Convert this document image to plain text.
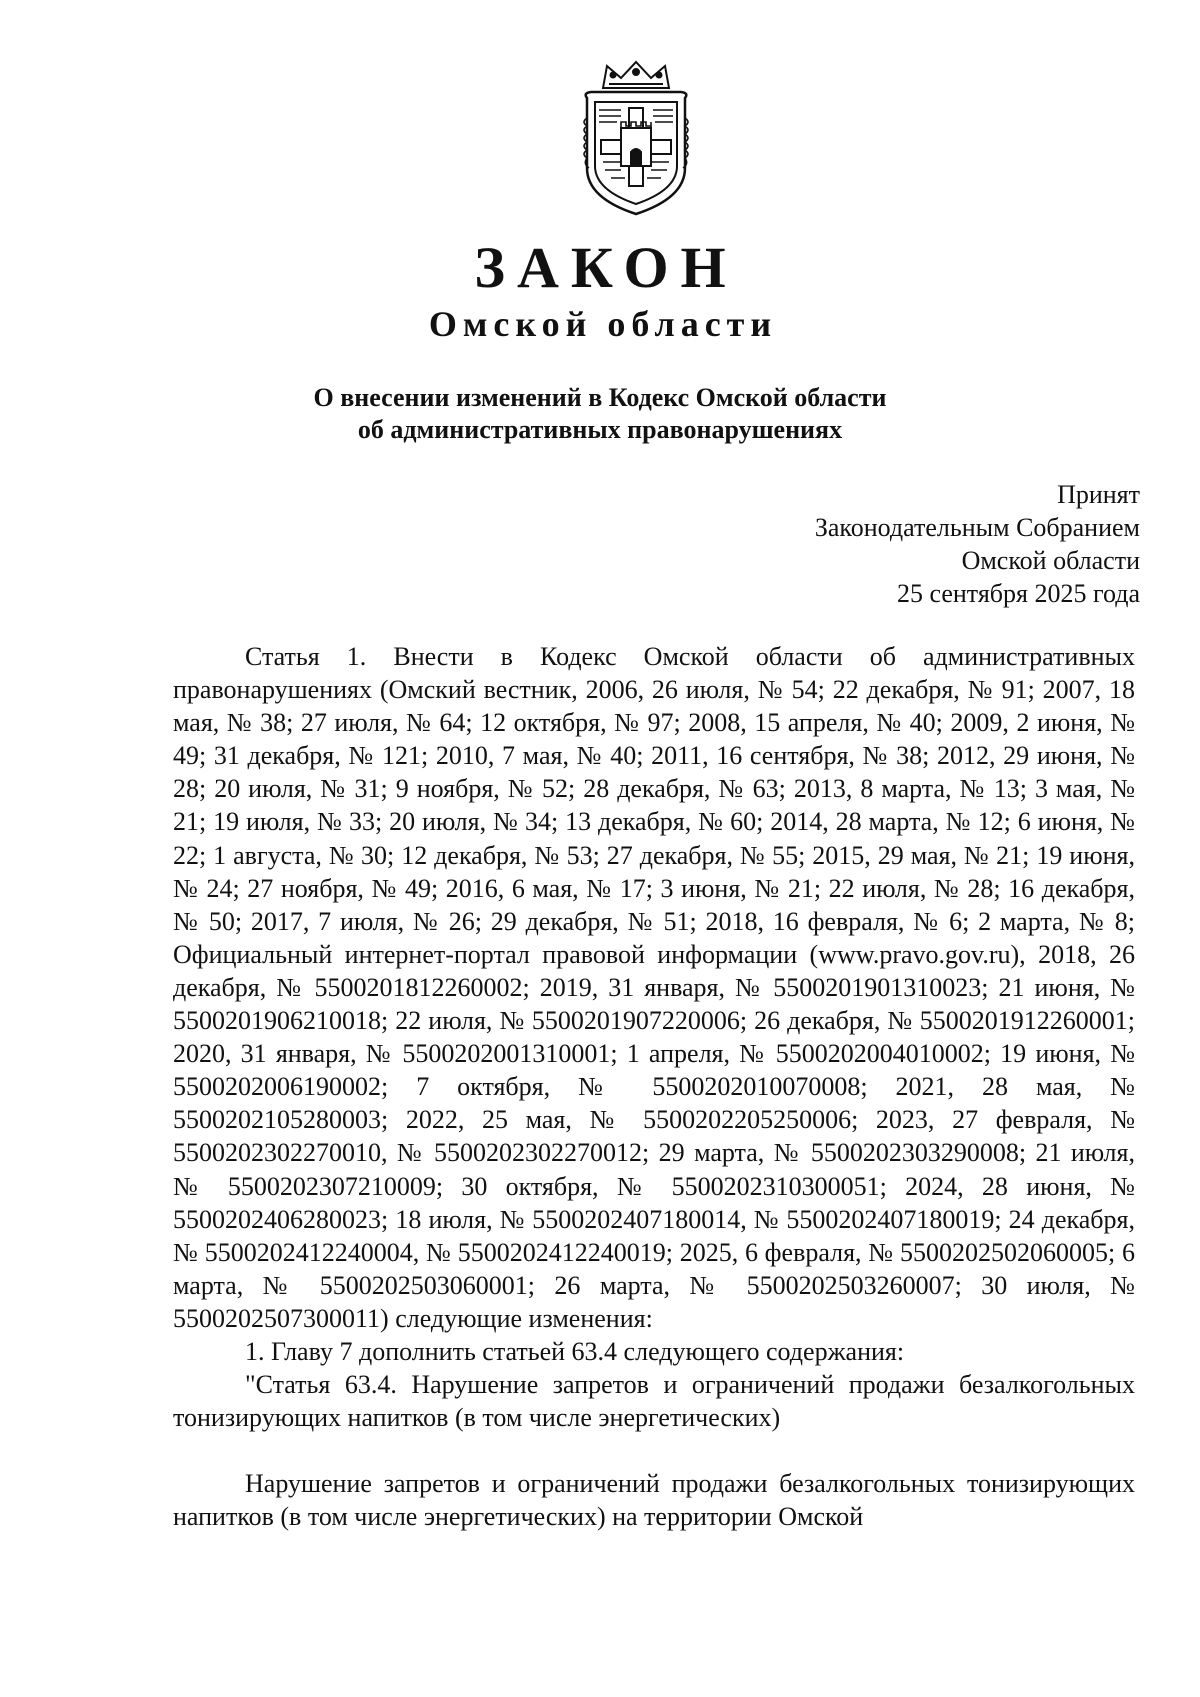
ЗАКОН
Омской области
О внесении изменений в Кодекс Омской области
об административных правонарушениях
Принят
Законодательным Собранием
Омской области
25 сентября 2025 года

Статья 1. Внести в Кодекс Омской области об административных правонарушениях (Омский вестник, 2006, 26 июля, № 54; 22 декабря, № 91; 2007, 18 мая, № 38; 27 июля, № 64; 12 октября, № 97; 2008, 15 апреля, № 40; 2009, 2 июня, № 49; 31 декабря, № 121; 2010, 7 мая, № 40; 2011, 16 сентября, № 38; 2012, 29 июня, № 28; 20 июля, № 31; 9 ноября, № 52; 28 декабря, № 63; 2013, 8 марта, № 13; 3 мая, № 21; 19 июля, № 33; 20 июля, № 34; 13 декабря, № 60; 2014, 28 марта, № 12; 6 июня, № 22; 1 августа, № 30; 12 декабря, № 53; 27 декабря, № 55; 2015, 29 мая, № 21; 19 июня, № 24; 27 ноября, № 49; 2016, 6 мая, № 17; 3 июня, № 21; 22 июля, № 28; 16 декабря, № 50; 2017, 7 июля, № 26; 29 декабря, № 51; 2018, 16 февраля, № 6; 2 марта, № 8; Официальный интернет-портал правовой информации (www.pravo.gov.ru), 2018, 26 декабря, № 5500201812260002; 2019, 31 января, № 5500201901310023; 21 июня, № 5500201906210018; 22 июля, № 5500201907220006; 26 декабря, № 5500201912260001; 2020, 31 января, № 5500202001310001; 1 апреля, № 5500202004010002; 19 июня, № 5500202006190002; 7 октября, № 5500202010070008; 2021, 28 мая, № 5500202105280003; 2022, 25 мая, № 5500202205250006; 2023, 27 февраля, № 5500202302270010, № 5500202302270012; 29 марта, № 5500202303290008; 21 июля, № 5500202307210009; 30 октября, № 5500202310300051; 2024, 28 июня, № 5500202406280023; 18 июля, № 5500202407180014, № 5500202407180019; 24 декабря, № 5500202412240004, № 5500202412240019; 2025, 6 февраля, № 5500202502060005; 6 марта, № 5500202503060001; 26 марта, № 5500202503260007; 30 июля, № 5500202507300011) следующие изменения:

1. Главу 7 дополнить статьей 63.4 следующего содержания:

"Статья 63.4. Нарушение запретов и ограничений продажи безалкогольных тонизирующих напитков (в том числе энергетических)

Нарушение запретов и ограничений продажи безалкогольных тонизирующих напитков (в том числе энергетических) на территории Омской
